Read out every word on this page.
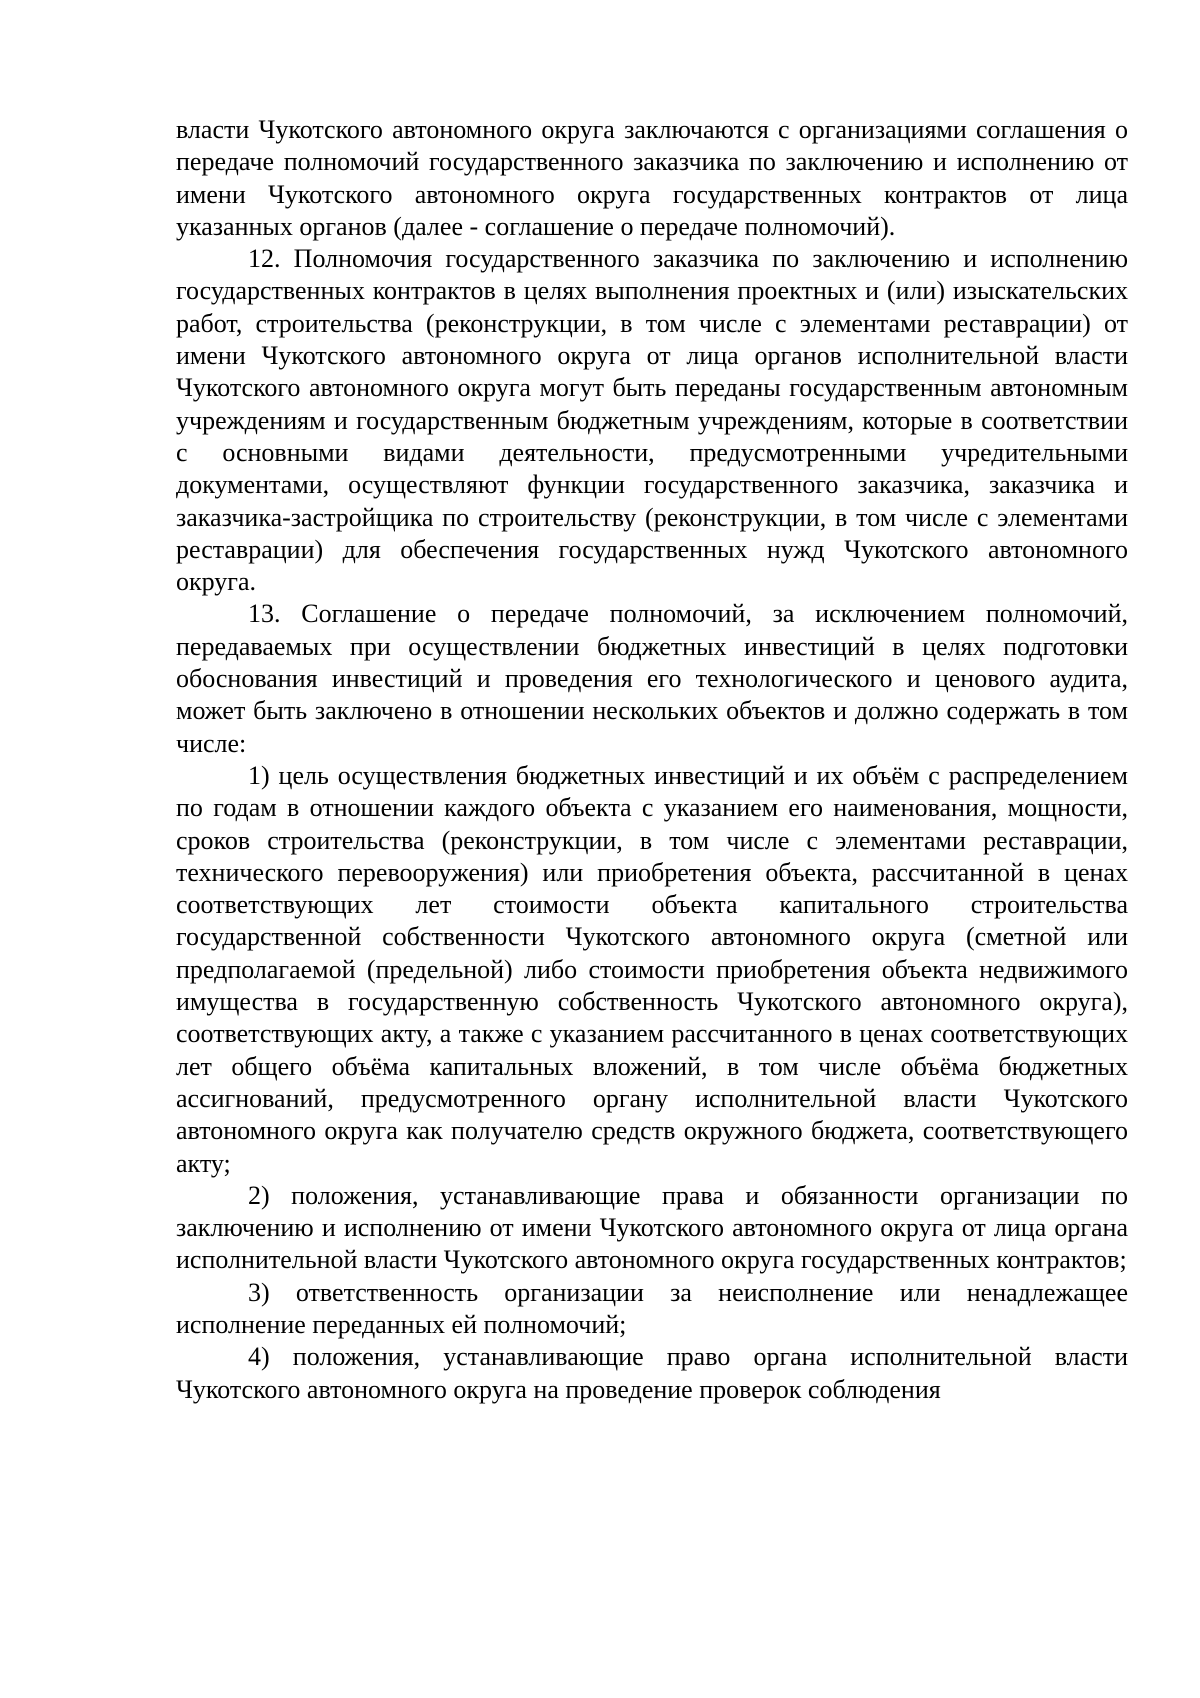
власти Чукотского автономного округа заключаются с организациями соглашения о передаче полномочий государственного заказчика по заключению и исполнению от имени Чукотского автономного округа государственных контрактов от лица указанных органов (далее - соглашение о передаче полномочий).

12. Полномочия государственного заказчика по заключению и исполнению государственных контрактов в целях выполнения проектных и (или) изыскательских работ, строительства (реконструкции, в том числе с элементами реставрации) от имени Чукотского автономного округа от лица органов исполнительной власти Чукотского автономного округа могут быть переданы государственным автономным учреждениям и государственным бюджетным учреждениям, которые в соответствии с основными видами деятельности, предусмотренными учредительными документами, осуществляют функции государственного заказчика, заказчика и заказчика-застройщика по строительству (реконструкции, в том числе с элементами реставрации) для обеспечения государственных нужд Чукотского автономного округа.

13. Соглашение о передаче полномочий, за исключением полномочий, передаваемых при осуществлении бюджетных инвестиций в целях подготовки обоснования инвестиций и проведения его технологического и ценового аудита, может быть заключено в отношении нескольких объектов и должно содержать в том числе:

1) цель осуществления бюджетных инвестиций и их объём с распределением по годам в отношении каждого объекта с указанием его наименования, мощности, сроков строительства (реконструкции, в том числе с элементами реставрации, технического перевооружения) или приобретения объекта, рассчитанной в ценах соответствующих лет стоимости объекта капитального строительства государственной собственности Чукотского автономного округа (сметной или предполагаемой (предельной) либо стоимости приобретения объекта недвижимого имущества в государственную собственность Чукотского автономного округа), соответствующих акту, а также с указанием рассчитанного в ценах соответствующих лет общего объёма капитальных вложений, в том числе объёма бюджетных ассигнований, предусмотренного органу исполнительной власти Чукотского автономного округа как получателю средств окружного бюджета, соответствующего акту;

2) положения, устанавливающие права и обязанности организации по заключению и исполнению от имени Чукотского автономного округа от лица органа исполнительной власти Чукотского автономного округа государственных контрактов;

3) ответственность организации за неисполнение или ненадлежащее исполнение переданных ей полномочий;

4) положения, устанавливающие право органа исполнительной власти Чукотского автономного округа на проведение проверок соблюдения
